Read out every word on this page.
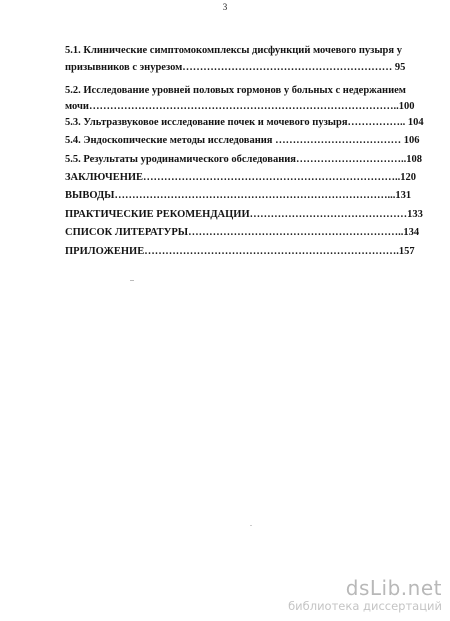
3
5.1. Клинические симптомокомплексы дисфункций мочевого пузыря у
призывников с энурезом…………………………………………………… 95
5.2. Исследование уровней половых гормонов у больных с недержанием
мочи……………………………………………………………………………..100
5.3. Ультразвуковое исследование почек и мочевого пузыря…………….. 104
5.4. Эндоскопические методы исследования ……………………………… 106
5.5. Результаты уродинамического обследования…………………………..108
ЗАКЛЮЧЕНИЕ………………………………………………………………..120
ВЫВОДЫ……………………………………………………………………...131
ПРАКТИЧЕСКИЕ РЕКОМЕНДАЦИИ………………………………………133
СПИСОК ЛИТЕРАТУРЫ……………………………………………………..134
ПРИЛОЖЕНИЕ……………………………………………………………….157
dsLib.net
библиотека диссертаций
